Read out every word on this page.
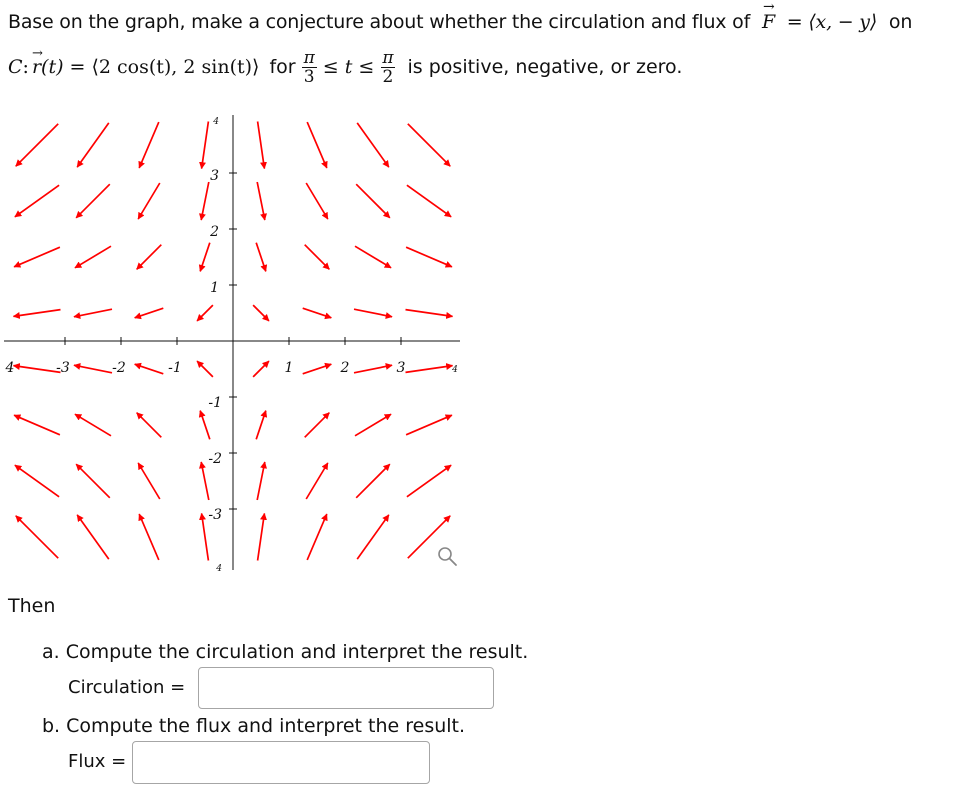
Base on the graph, make a conjecture about whether the circulation and flux of
→
F = ⟨x, − y⟩ on
C :
→
r (t) = ⟨2 cos(t), 2 sin(t)⟩ for $\frac{\pi}{3} \le t \le \frac{\pi}{2}$ is positive, negative, or zero.
4	-3	-2	-1	1	2	3	4
1
2
3
4
-1
-2
-3
4
Then
a. Compute the circulation and interpret the result.
Circulation =
b. Compute the flux and interpret the result.
Flux =
